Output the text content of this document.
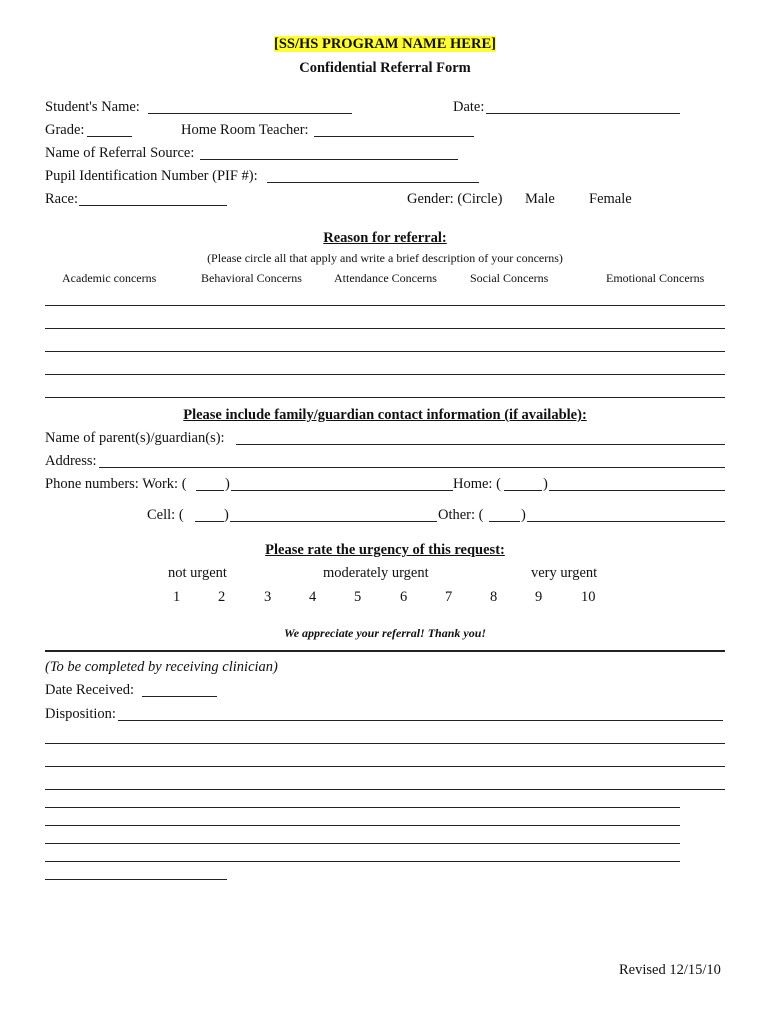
[SS/HS PROGRAM NAME HERE]
Confidential Referral Form
Student's Name:	Date:
Grade:	Home Room Teacher:
Name of Referral Source:
Pupil Identification Number (PIF #):
Race:	Gender: (Circle) Male Female
Reason for referral:
(Please circle all that apply and write a brief description of your concerns)
Academic concerns	Behavioral Concerns	Attendance Concerns	Social Concerns	Emotional Concerns
Please include family/guardian contact information (if available):
Name of parent(s)/guardian(s):
Address:
Phone numbers: Work: (	)	Home: (	)
Cell: (	)	Other: (	)
Please rate the urgency of this request:
not urgent	moderately urgent	very urgent
1	2	3	4	5	6	7	8	9	10
We appreciate your referral! Thank you!
(To be completed by receiving clinician)
Date Received:
Disposition:
Revised 12/15/10
